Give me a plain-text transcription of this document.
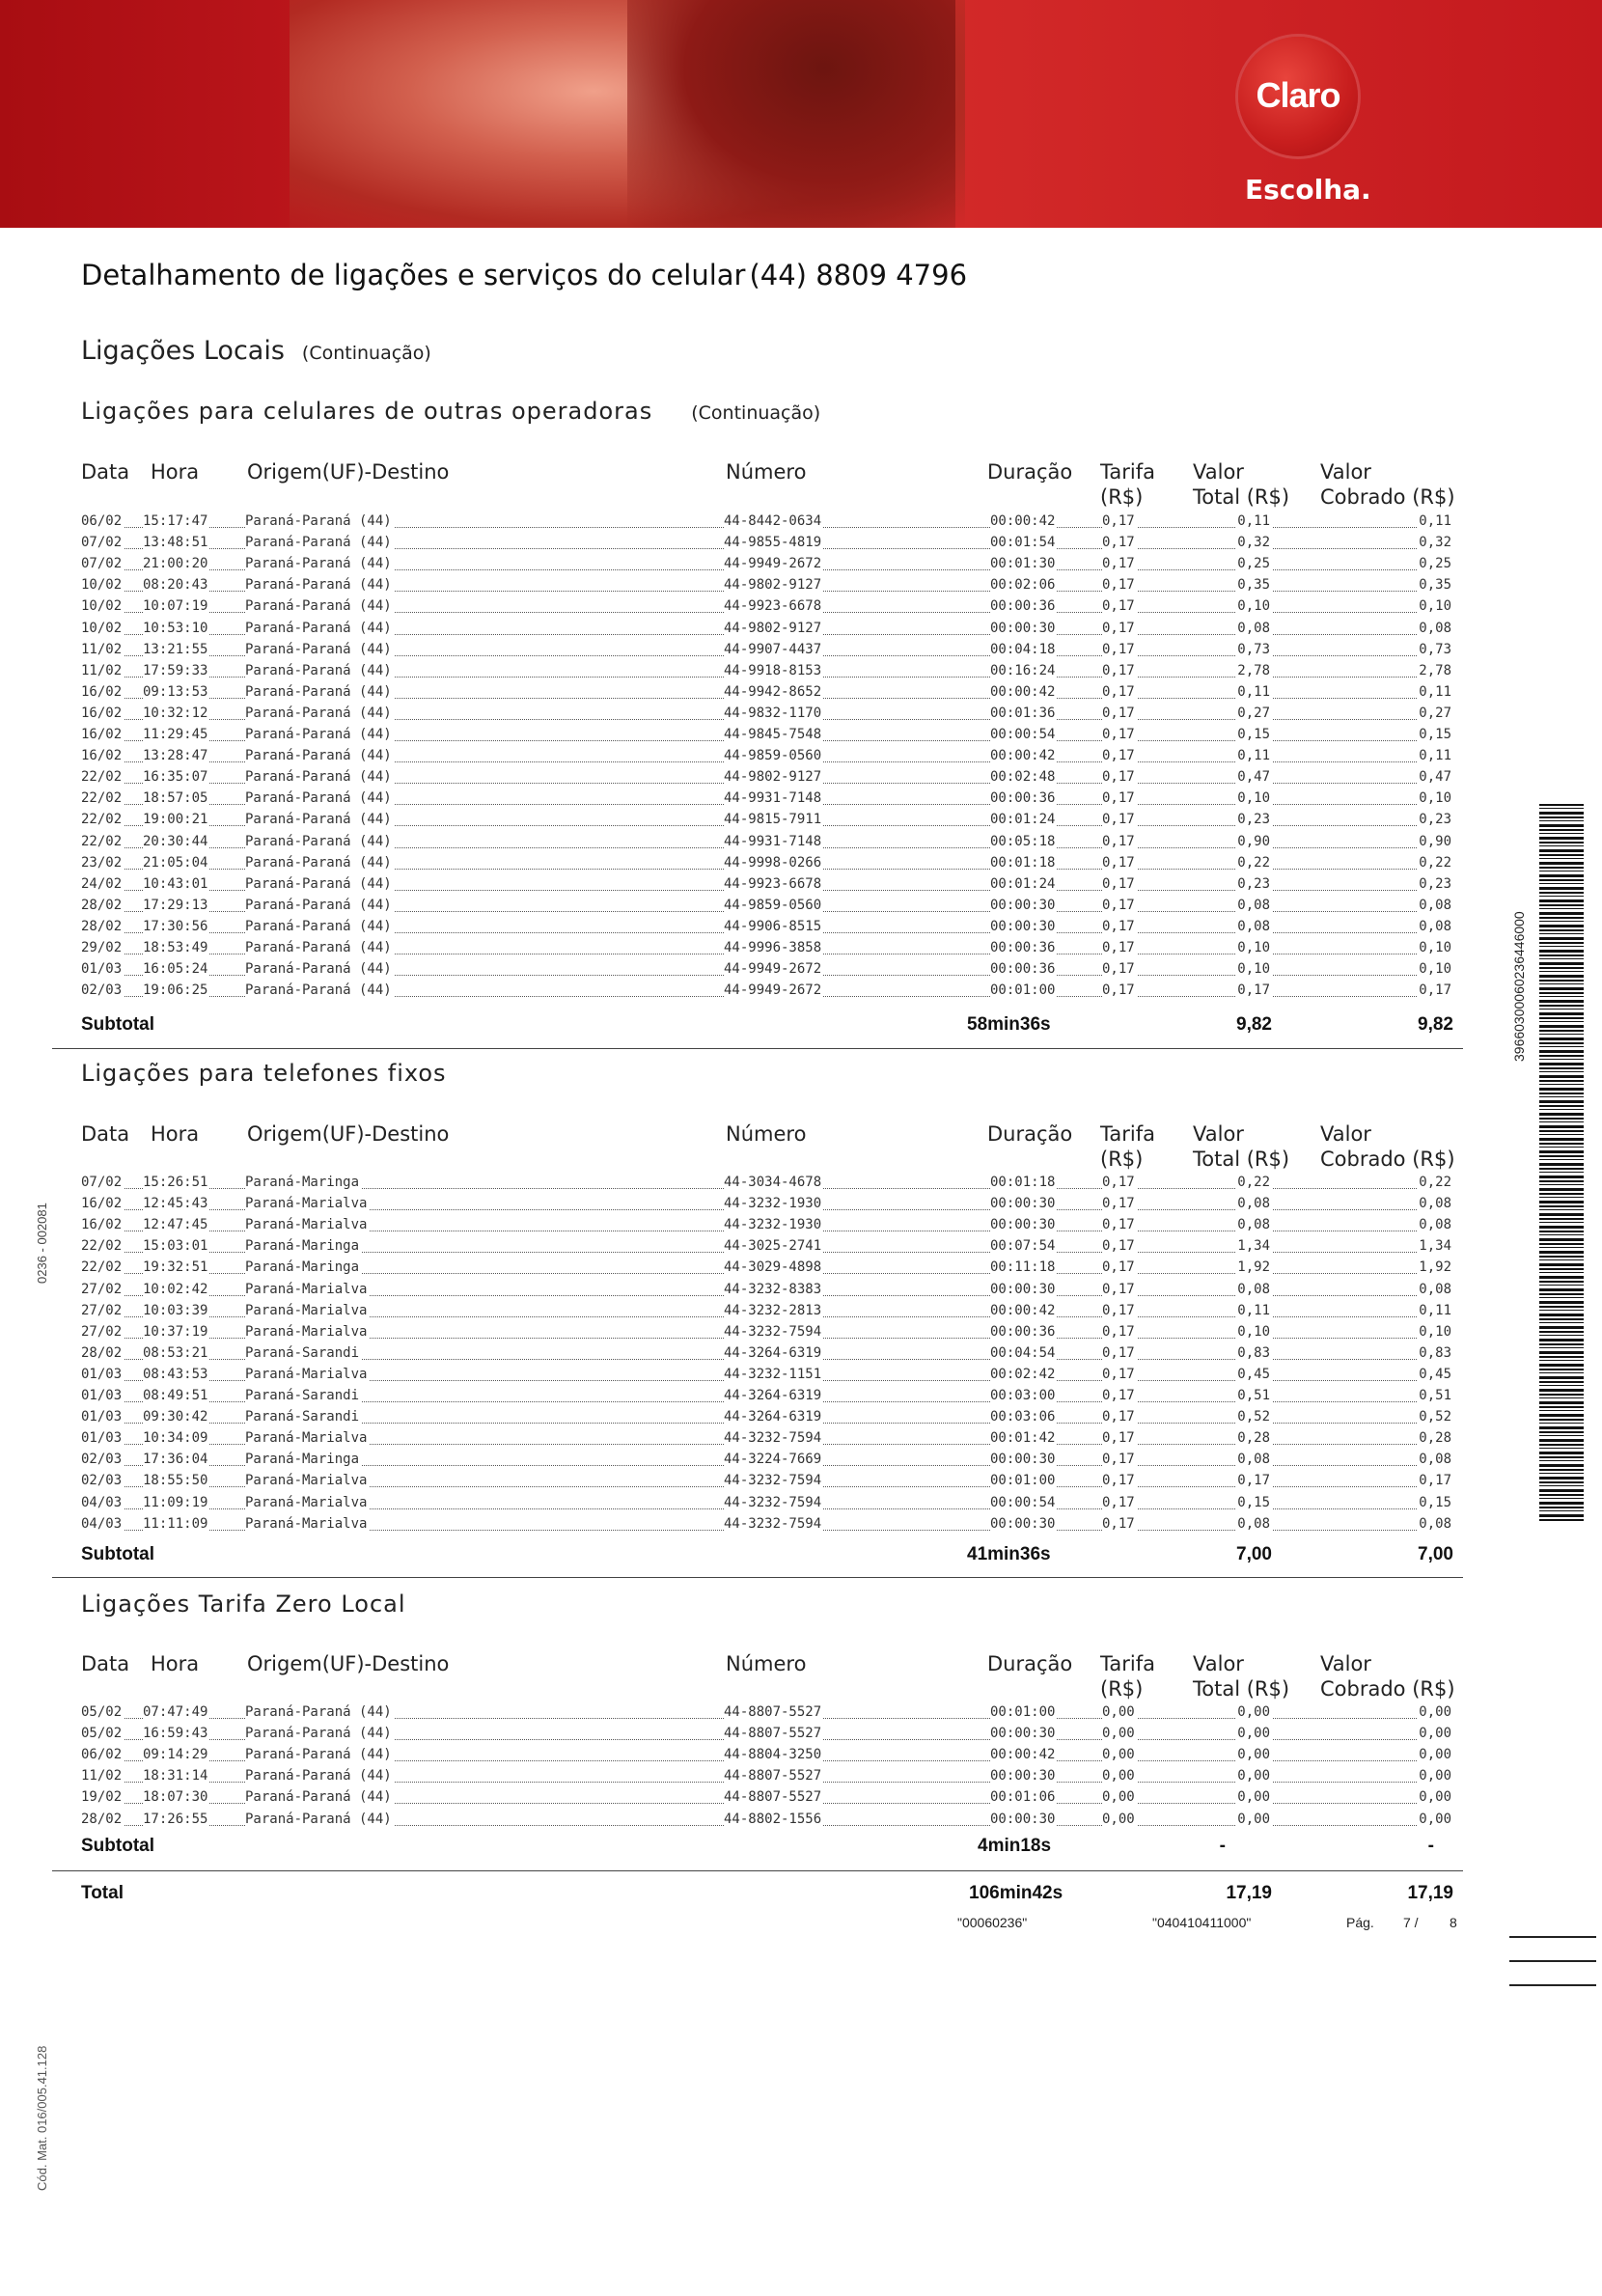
Claro
Escolha.
Detalhamento de ligações e serviços do celular (44) 8809 4796
Ligações Locais (Continuação)
Ligações para celulares de outras operadoras (Continuação)
Data Hora Origem(UF)-Destino	Número	Duração Tarifa
(R$)
Valor
Total (R$)
Valor
Cobrado (R$)
06/02 15:17:47	Paraná-Paraná (44)	44-8442-0634	00:00:42	0,17	0,11	0,11
07/02 13:48:51	Paraná-Paraná (44)	44-9855-4819	00:01:54	0,17	0,32	0,32
07/02 21:00:20	Paraná-Paraná (44)	44-9949-2672	00:01:30	0,17	0,25	0,25
10/02 08:20:43	Paraná-Paraná (44)	44-9802-9127	00:02:06	0,17	0,35	0,35
10/02 10:07:19	Paraná-Paraná (44)	44-9923-6678	00:00:36	0,17	0,10	0,10
10/02 10:53:10	Paraná-Paraná (44)	44-9802-9127	00:00:30	0,17	0,08	0,08
11/02 13:21:55	Paraná-Paraná (44)	44-9907-4437	00:04:18	0,17	0,73	0,73
11/02 17:59:33	Paraná-Paraná (44)	44-9918-8153	00:16:24	0,17	2,78	2,78
16/02 09:13:53	Paraná-Paraná (44)	44-9942-8652	00:00:42	0,17	0,11	0,11
16/02 10:32:12	Paraná-Paraná (44)	44-9832-1170	00:01:36	0,17	0,27	0,27
16/02 11:29:45	Paraná-Paraná (44)	44-9845-7548	00:00:54	0,17	0,15	0,15
16/02 13:28:47	Paraná-Paraná (44)	44-9859-0560	00:00:42	0,17	0,11	0,11
22/02 16:35:07	Paraná-Paraná (44)	44-9802-9127	00:02:48	0,17	0,47	0,47
22/02 18:57:05	Paraná-Paraná (44)	44-9931-7148	00:00:36	0,17	0,10	0,10
22/02 19:00:21	Paraná-Paraná (44)	44-9815-7911	00:01:24	0,17	0,23	0,23
22/02 20:30:44	Paraná-Paraná (44)	44-9931-7148	00:05:18	0,17	0,90	0,90
23/02 21:05:04	Paraná-Paraná (44)	44-9998-0266	00:01:18	0,17	0,22	0,22
24/02 10:43:01	Paraná-Paraná (44)	44-9923-6678	00:01:24	0,17	0,23	0,23
28/02 17:29:13	Paraná-Paraná (44)	44-9859-0560	00:00:30	0,17	0,08	0,08
28/02 17:30:56	Paraná-Paraná (44)	44-9906-8515	00:00:30	0,17	0,08	0,08
29/02 18:53:49	Paraná-Paraná (44)	44-9996-3858	00:00:36	0,17	0,10	0,10
01/03 16:05:24	Paraná-Paraná (44)	44-9949-2672	00:00:36	0,17	0,10	0,10
02/03 19:06:25	Paraná-Paraná (44)	44-9949-2672	00:01:00	0,17	0,17	0,17
Subtotal	58min36s	9,82	9,82
Ligações para telefones fixos
Data Hora Origem(UF)-Destino	Número	Duração Tarifa
(R$)
Valor
Total (R$)
Valor
Cobrado (R$)
07/02 15:26:51	Paraná-Maringa	44-3034-4678	00:01:18	0,17	0,22	0,22
16/02 12:45:43	Paraná-Marialva	44-3232-1930	00:00:30	0,17	0,08	0,08
16/02 12:47:45	Paraná-Marialva	44-3232-1930	00:00:30	0,17	0,08	0,08
22/02 15:03:01	Paraná-Maringa	44-3025-2741	00:07:54	0,17	1,34	1,34
22/02 19:32:51	Paraná-Maringa	44-3029-4898	00:11:18	0,17	1,92	1,92
27/02 10:02:42	Paraná-Marialva	44-3232-8383	00:00:30	0,17	0,08	0,08
27/02 10:03:39	Paraná-Marialva	44-3232-2813	00:00:42	0,17	0,11	0,11
27/02 10:37:19	Paraná-Marialva	44-3232-7594	00:00:36	0,17	0,10	0,10
28/02 08:53:21	Paraná-Sarandi	44-3264-6319	00:04:54	0,17	0,83	0,83
01/03 08:43:53	Paraná-Marialva	44-3232-1151	00:02:42	0,17	0,45	0,45
01/03 08:49:51	Paraná-Sarandi	44-3264-6319	00:03:00	0,17	0,51	0,51
01/03 09:30:42	Paraná-Sarandi	44-3264-6319	00:03:06	0,17	0,52	0,52
01/03 10:34:09	Paraná-Marialva	44-3232-7594	00:01:42	0,17	0,28	0,28
02/03 17:36:04	Paraná-Maringa	44-3224-7669	00:00:30	0,17	0,08	0,08
02/03 18:55:50	Paraná-Marialva	44-3232-7594	00:01:00	0,17	0,17	0,17
04/03 11:09:19	Paraná-Marialva	44-3232-7594	00:00:54	0,17	0,15	0,15
04/03 11:11:09	Paraná-Marialva	44-3232-7594	00:00:30	0,17	0,08	0,08
Subtotal	41min36s	7,00	7,00
Ligações Tarifa Zero Local
Data Hora Origem(UF)-Destino	Número	Duração Tarifa
(R$)
Valor
Total (R$)
Valor
Cobrado (R$)
05/02 07:47:49	Paraná-Paraná (44)	44-8807-5527	00:01:00	0,00	0,00	0,00
05/02 16:59:43	Paraná-Paraná (44)	44-8807-5527	00:00:30	0,00	0,00	0,00
06/02 09:14:29	Paraná-Paraná (44)	44-8804-3250	00:00:42	0,00	0,00	0,00
11/02 18:31:14	Paraná-Paraná (44)	44-8807-5527	00:00:30	0,00	0,00	0,00
19/02 18:07:30	Paraná-Paraná (44)	44-8807-5527	00:01:06	0,00	0,00	0,00
28/02 17:26:55	Paraná-Paraná (44)	44-8802-1556	00:00:30	0,00	0,00	0,00
Subtotal	4min18s	-	-
Total	106min42s	17,19	17,19
39660300060236446000
0236 - 002081
Cód. Mat. 016/005.41.128
"00060236"	"040410411000"	Pág. 7 / 8
